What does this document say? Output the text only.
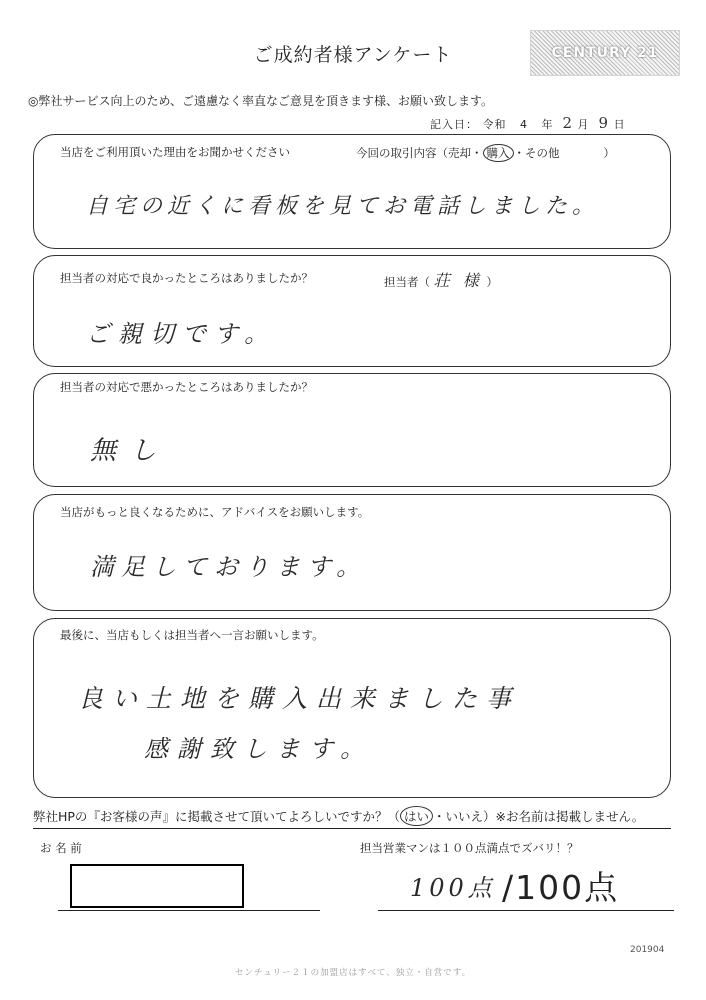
ご成約者様アンケート	CENTURY 21
◎弊社サービス向上のため、ご遠慮なく率直なご意見を頂きます様、お願い致します。
記入日： 令和 4 年 2 月 9 日
当店をご利用頂いた理由をお聞かせください	今回の取引内容（売却・ 購入 ・その他	）
自宅の近くに看板を見てお電話しました。
担当者の対応で良かったところはありましたか？	担当者（ 荘 様 ）
ご親切です。
担当者の対応で悪かったところはありましたか？
無し
当店がもっと良くなるために、アドバイスをお願いします。
満足しております。
最後に、当店もしくは担当者へ一言お願いします。
良い土地を購入出来ました事
感謝致します。
弊社HPの『お客様の声』に掲載させて頂いてよろしいですか？（ はい ・いいえ）※お名前は掲載しません。
お 名 前	担当営業マンは１００点満点でズバリ！？
100点 /100点
201904
センチュリー２１の加盟店はすべて、独立・自営です。
